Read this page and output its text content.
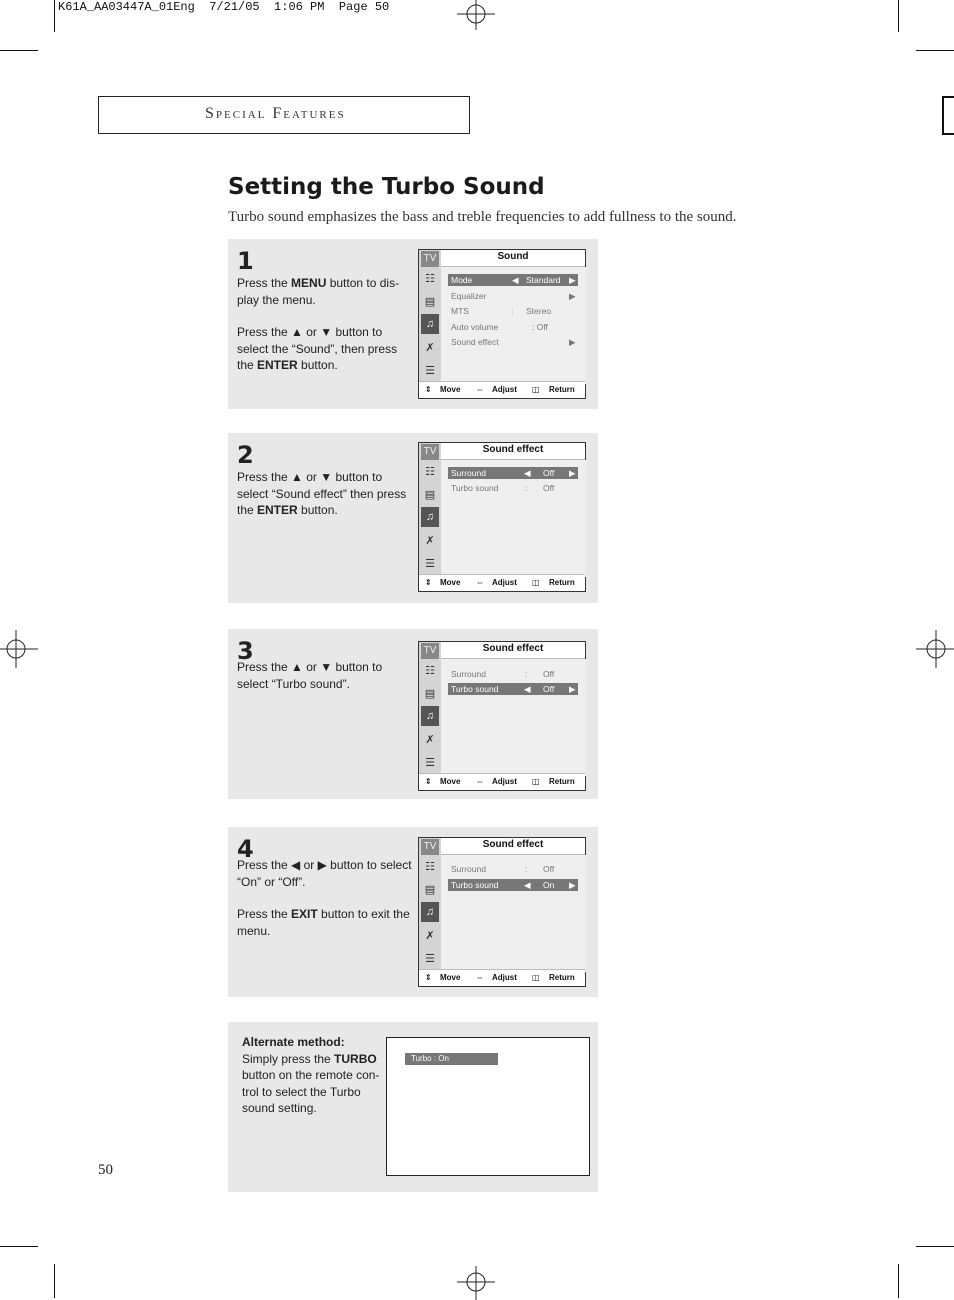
K61A_AA03447A_01Eng  7/21/05  1:06 PM  Page 50
Special Features
Setting the Turbo Sound
Turbo sound emphasizes the bass and treble frequencies to add fullness to the sound.
1

Press the MENU button to dis-play the menu.

Press the ▲ or ▼ button to select the “Sound”, then press the ENTER button.

TV
☷
▤
♫
✗
☰
Sound
Mode	◀ Standard ▶
Equalizer	▶
MTS	: Stereo
Auto volume	: Off
Sound effect	▶
⇕ Move ⇔ Adjust ◫ Return
2

Press the ▲ or ▼ button to select “Sound effect” then press the ENTER button.

TV
☷
▤
♫
✗
☰
Sound effect
Surround	◀ Off ▶
Turbo sound	: Off
⇕ Move ⇔ Adjust ◫ Return
3

Press the ▲ or ▼ button to select “Turbo sound”.

TV
☷
▤
♫
✗
☰
Sound effect
Surround	: Off
Turbo sound	◀ Off ▶
⇕ Move ⇔ Adjust ◫ Return
4

Press the ◀ or ▶ button to select “On” or “Off”.

Press the EXIT button to exit the menu.

TV
☷
▤
♫
✗
☰
Sound effect
Surround	: Off
Turbo sound	◀ On ▶
⇕ Move ⇔ Adjust ◫ Return

Alternate method:

Simply press the TURBO button on the remote con-trol to select the Turbo sound setting.

Turbo : On
50
